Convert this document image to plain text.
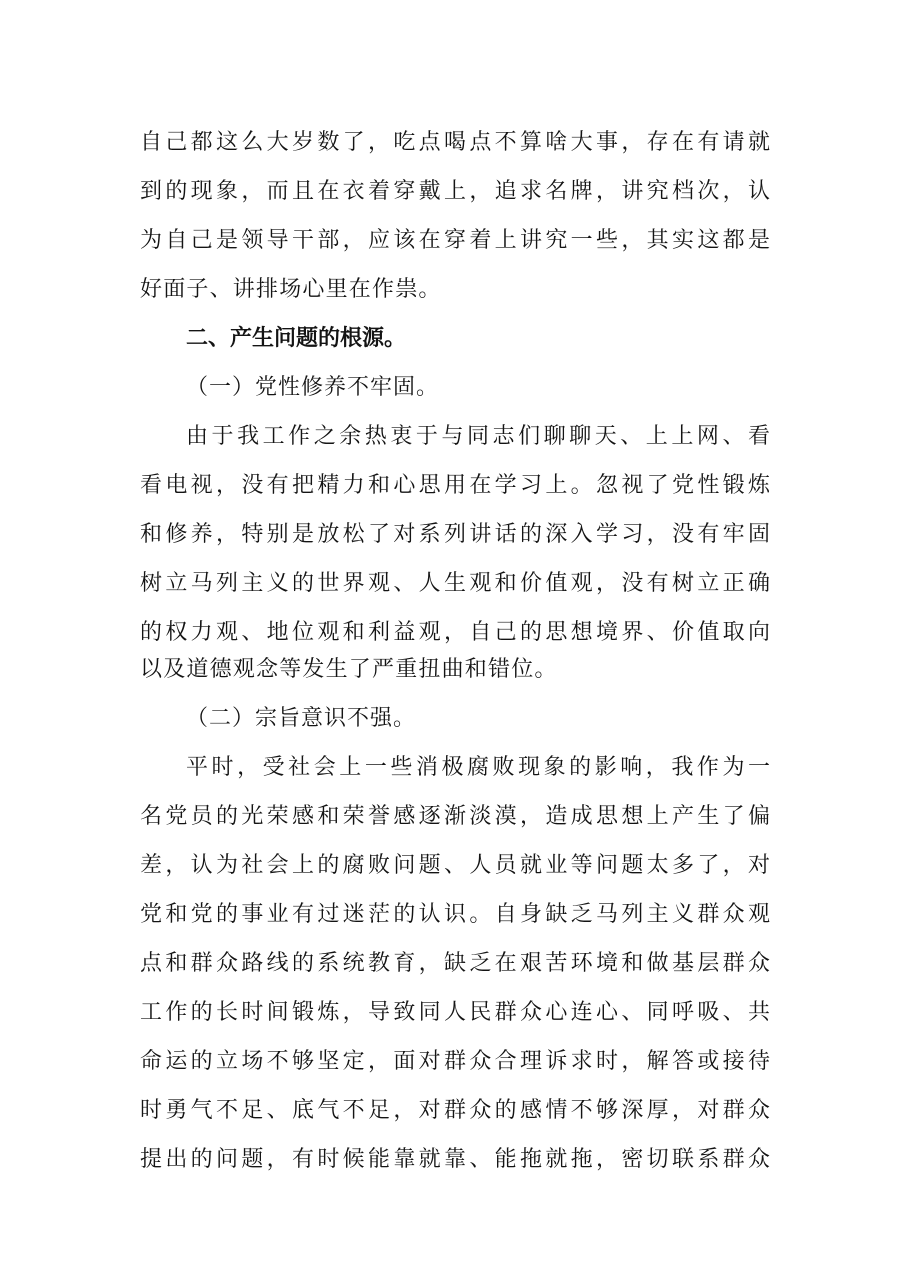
自己都这么大岁数了，吃点喝点不算啥大事，存在有请就
到的现象，而且在衣着穿戴上，追求名牌，讲究档次，认
为自己是领导干部，应该在穿着上讲究一些，其实这都是
好面子、讲排场心里在作祟。
二、产生问题的根源。
（一）党性修养不牢固。
由于我工作之余热衷于与同志们聊聊天、上上网、看
看电视，没有把精力和心思用在学习上。忽视了党性锻炼
和修养，特别是放松了对系列讲话的深入学习，没有牢固
树立马列主义的世界观、人生观和价值观，没有树立正确
的权力观、地位观和利益观，自己的思想境界、价值取向
以及道德观念等发生了严重扭曲和错位。
（二）宗旨意识不强。
平时，受社会上一些消极腐败现象的影响，我作为一
名党员的光荣感和荣誉感逐渐淡漠，造成思想上产生了偏
差，认为社会上的腐败问题、人员就业等问题太多了，对
党和党的事业有过迷茫的认识。自身缺乏马列主义群众观
点和群众路线的系统教育，缺乏在艰苦环境和做基层群众
工作的长时间锻炼，导致同人民群众心连心、同呼吸、共
命运的立场不够坚定，面对群众合理诉求时，解答或接待
时勇气不足、底气不足，对群众的感情不够深厚，对群众
提出的问题，有时候能靠就靠、能拖就拖，密切联系群众
